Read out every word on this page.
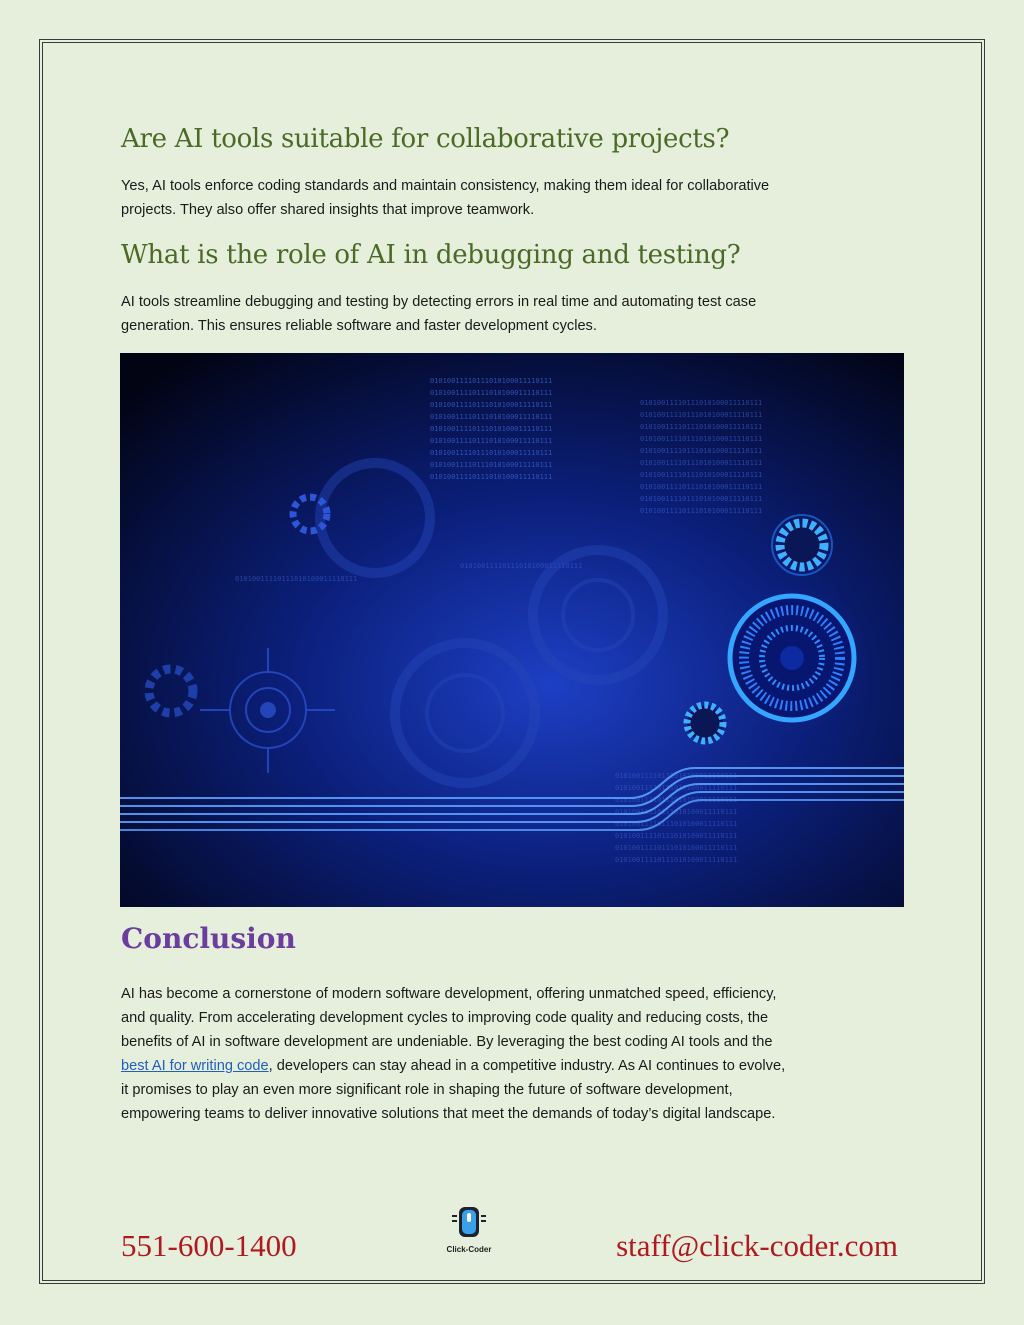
Are AI tools suitable for collaborative projects?
Yes, AI tools enforce coding standards and maintain consistency, making them ideal for collaborative
projects. They also offer shared insights that improve teamwork.
What is the role of AI in debugging and testing?
AI tools streamline debugging and testing by detecting errors in real time and automating test case
generation. This ensures reliable software and faster development cycles.
01010011110111010100011110111
01010011110111010100011110111
01010011110111010100011110111
01010011110111010100011110111
01010011110111010100011110111
01010011110111010100011110111
01010011110111010100011110111
01010011110111010100011110111
01010011110111010100011110111
01010011110111010100011110111
01010011110111010100011110111
01010011110111010100011110111
01010011110111010100011110111
01010011110111010100011110111
01010011110111010100011110111
01010011110111010100011110111
01010011110111010100011110111
01010011110111010100011110111
01010011110111010100011110111
01010011110111010100011110111
01010011110111010100011110111
01010011110111010100011110111
01010011110111010100011110111
01010011110111010100011110111
01010011110111010100011110111
01010011110111010100011110111
01010011110111010100011110111
01010011110111010100011110111
01010011110111010100011110111
Conclusion
AI has become a cornerstone of modern software development, offering unmatched speed, efficiency,
and quality. From accelerating development cycles to improving code quality and reducing costs, the
benefits of AI in software development are undeniable. By leveraging the best coding AI tools and the
best AI for writing code, developers can stay ahead in a competitive industry. As AI continues to evolve,
it promises to play an even more significant role in shaping the future of software development,
empowering teams to deliver innovative solutions that meet the demands of today’s digital landscape.
551-600-1400	Click-Coder	staff@click-coder.com
